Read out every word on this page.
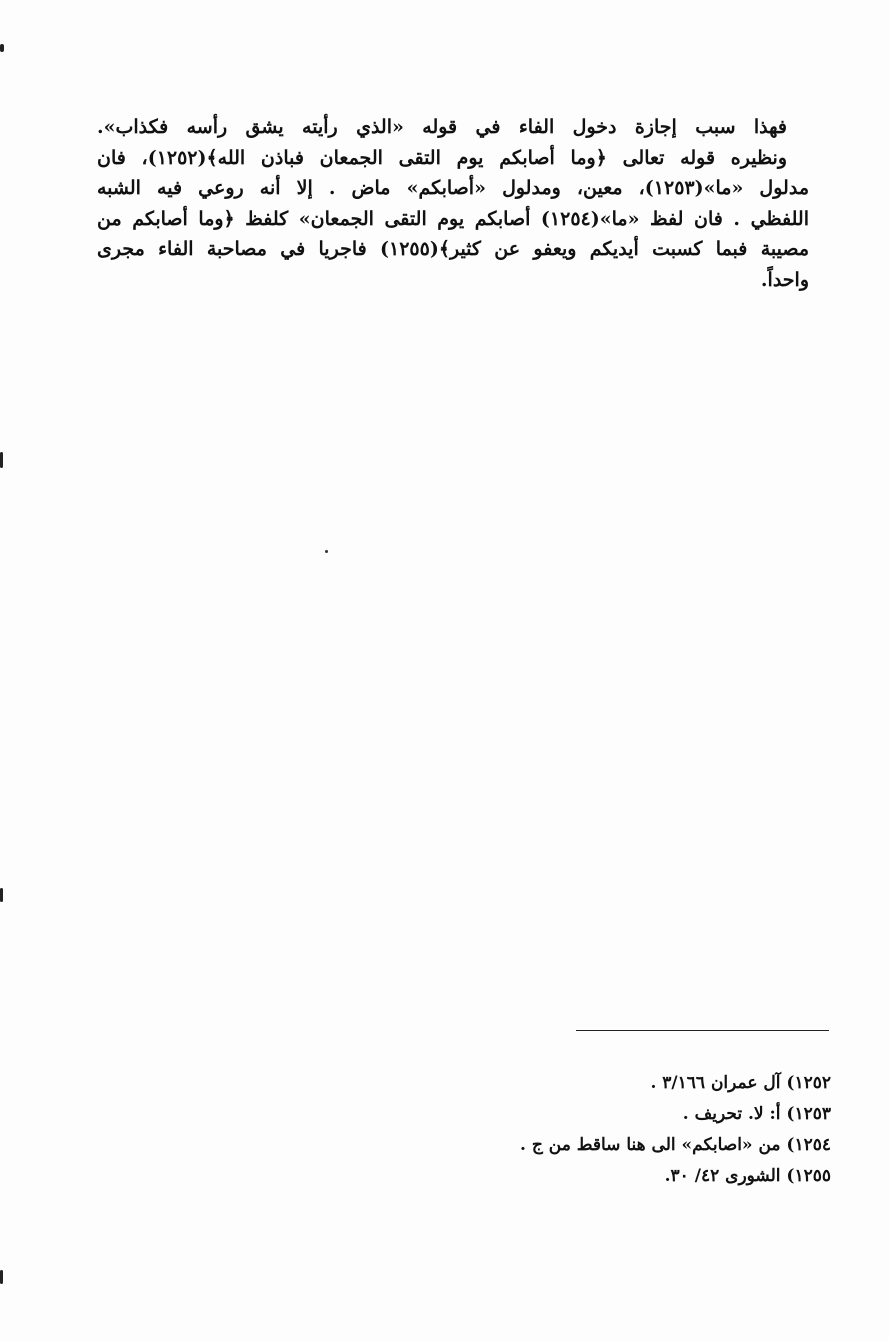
فهذا سبب إجازة دخول الفاء في قوله «الذي رأيته يشق رأسه فكذاب».
ونظيره قوله تعالى ﴿وما أصابكم يوم التقى الجمعان فباذن الله﴾(١٢٥٢)، فان
مدلول «ما»(١٢٥٣)، معين، ومدلول «أصابكم» ماض . إلا أنه روعي فيه الشبه
اللفظي . فان لفظ «ما»(١٢٥٤) أصابكم يوم التقى الجمعان» كلفظ ﴿وما أصابكم من
مصيبة فبما كسبت أيديكم ويعفو عن كثير﴾(١٢٥٥) فاجريا في مصاحبة الفاء مجرى
واحداً.
١٢٥٢) آل عمران ٣/١٦٦ .
١٢٥٣) أ: لا. تحريف .
١٢٥٤) من «اصابكم» الى هنا ساقط من ج .
١٢٥٥) الشورى ٤٢/ ٣٠.
